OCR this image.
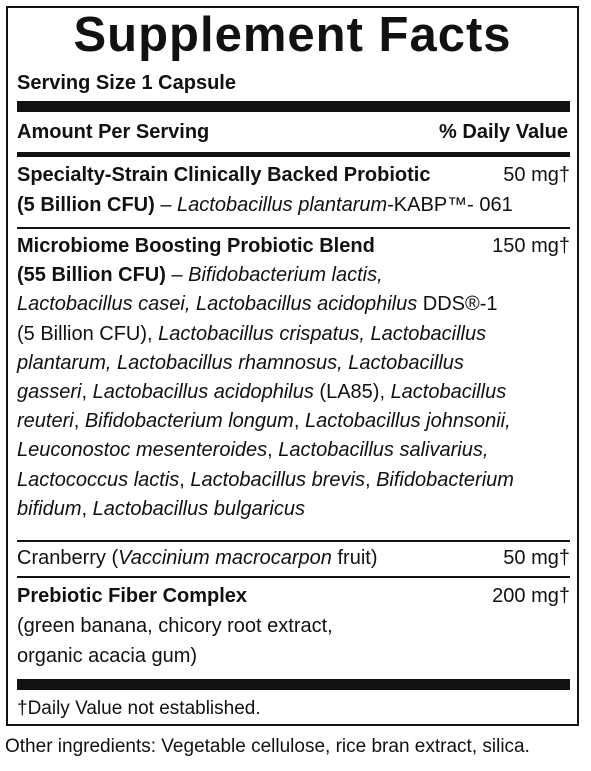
Supplement Facts
Serving Size 1 Capsule
Amount Per Serving	% Daily Value
Specialty-Strain Clinically Backed Probiotic	50 mg†
(5 Billion CFU) – Lactobacillus plantarum-KABP™- 061
Microbiome Boosting Probiotic Blend	150 mg†
(55 Billion CFU) – Bifidobacterium lactis,
Lactobacillus casei, Lactobacillus acidophilus DDS®-1
(5 Billion CFU), Lactobacillus crispatus, Lactobacillus
plantarum, Lactobacillus rhamnosus, Lactobacillus
gasseri, Lactobacillus acidophilus (LA85), Lactobacillus
reuteri, Bifidobacterium longum, Lactobacillus johnsonii,
Leuconostoc mesenteroides, Lactobacillus salivarius,
Lactococcus lactis, Lactobacillus brevis, Bifidobacterium
bifidum, Lactobacillus bulgaricus
Cranberry (Vaccinium macrocarpon fruit)	50 mg†
Prebiotic Fiber Complex	200 mg†
(green banana, chicory root extract,
organic acacia gum)
†Daily Value not established.
Other ingredients: Vegetable cellulose, rice bran extract, silica.
